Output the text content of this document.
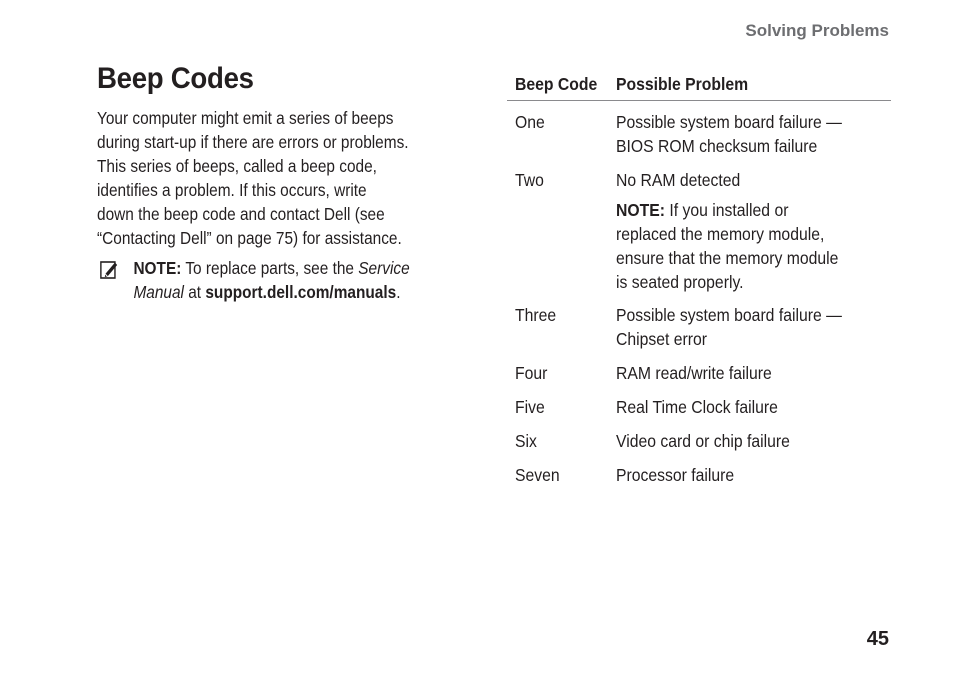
Solving Problems
Beep Codes

Your computer might emit a series of beeps
during start-up if there are errors or problems.
This series of beeps, called a beep code,
identifies a problem. If this occurs, write
down the beep code and contact Dell (see
“Contacting Dell” on page 75) for assistance.

NOTE: To replace parts, see the Service
Manual at support.dell.com/manuals.
Beep Code	Possible Problem
One	Possible system board failure —
BIOS ROM checksum failure
Two	No RAM detected
NOTE: If you installed or
replaced the memory module,
ensure that the memory module
is seated properly.
Three	Possible system board failure —
Chipset error
Four	RAM read/write failure
Five	Real Time Clock failure
Six	Video card or chip failure
Seven	Processor failure
45
